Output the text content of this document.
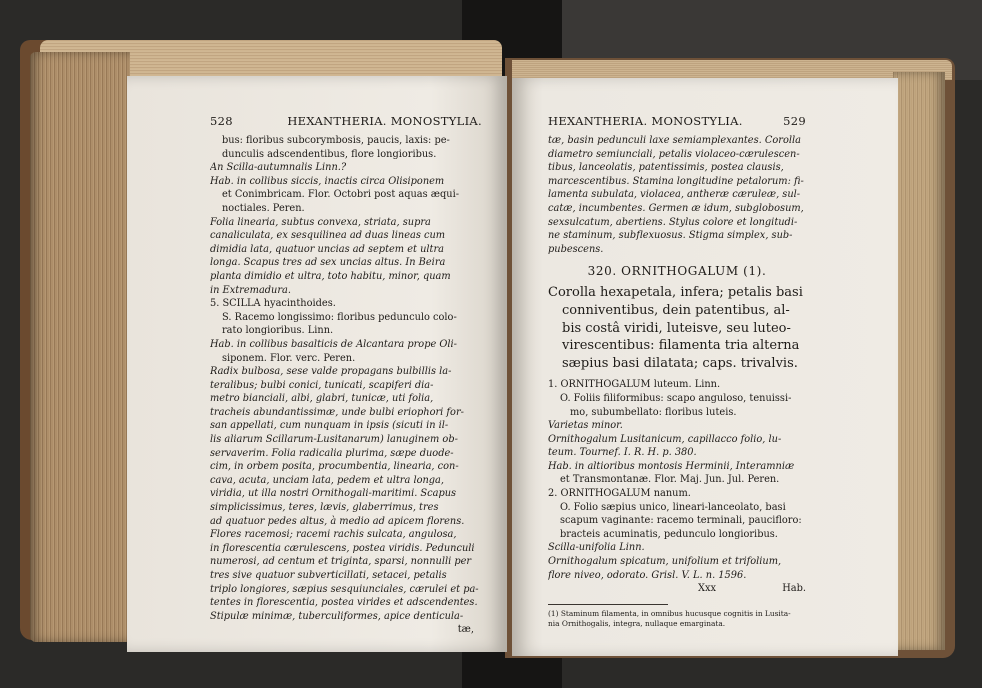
528	HEXANTHERIA. MONOSTYLIA.
bus: floribus subcorymbosis, paucis, laxis: pe-
dunculis adscendentibus, flore longioribus.
An Scilla-autumnalis Linn.?
Hab. in collibus siccis, inactis circa Olisiponem
et Conimbricam. Flor. Octobri post aquas æqui-
noctiales. Peren.
Folia linearia, subtus convexa, striata, supra
canaliculata, ex sesquilinea ad duas lineas cum
dimidia lata, quatuor uncias ad septem et ultra
longa. Scapus tres ad sex uncias altus. In Beira
planta dimidio et ultra, toto habitu, minor, quam
in Extremadura.
5. SCILLA hyacinthoides.
S. Racemo longissimo: floribus pedunculo colo-
rato longioribus. Linn.
Hab. in collibus basalticis de Alcantara prope Oli-
siponem. Flor. verc. Peren.
Radix bulbosa, sese valde propagans bulbillis la-
teralibus; bulbi conici, tunicati, scapiferi dia-
metro bianciali, albi, glabri, tunicæ, uti folia,
tracheis abundantissimæ, unde bulbi eriophori for-
san appellati, cum nunquam in ipsis (sicuti in il-
lis aliarum Scillarum-Lusitanarum) lanuginem ob-
servaverim. Folia radicalia plurima, sæpe duode-
cim, in orbem posita, procumbentia, linearia, con-
cava, acuta, unciam lata, pedem et ultra longa,
viridia, ut illa nostri Ornithogali-maritimi. Scapus
simplicissimus, teres, lævis, glaberrimus, tres
ad quatuor pedes altus, à medio ad apicem florens.
Flores racemosi; racemi rachis sulcata, angulosa,
in florescentia cærulescens, postea viridis. Pedunculi
numerosi, ad centum et triginta, sparsi, nonnulli per
tres sive quatuor subverticillati, setacei, petalis
triplo longiores, sæpius sesquiunciales, cærulei et pa-
tentes in florescentia, postea virides et adscendentes.
Stipulæ minimæ, tuberculiformes, apice denticula-
tæ,
HEXANTHERIA. MONOSTYLIA.	529
tæ, basin pedunculi laxe semiamplexantes. Corolla
diametro semiunciali, petalis violaceo-cærulescen-
tibus, lanceolatis, patentissimis, postea clausis,
marcescentibus. Stamina longitudine petalorum: fi-
lamenta subulata, violacea, antheræ cæruleæ, sul-
catæ, incumbentes. Germen æ idum, subglobosum,
sexsulcatum, abertiens. Stylus colore et longitudi-
ne staminum, subflexuosus. Stigma simplex, sub-
pubescens.
320. ORNITHOGALUM (1).
Corolla hexapetala, infera; petalis basi
conniventibus, dein patentibus, al-
bis costâ viridi, luteisve, seu luteo-
virescentibus: filamenta tria alterna
sæpius basi dilatata; caps. trivalvis.
1. ORNITHOGALUM luteum. Linn.
O. Foliis filiformibus: scapo anguloso, tenuissi-
mo, subumbellato: floribus luteis.
Varietas minor.
Ornithogalum Lusitanicum, capillacco folio, lu-
teum. Tournef. I. R. H. p. 380.
Hab. in altioribus montosis Herminii, Interamniæ
et Transmontanæ. Flor. Maj. Jun. Jul. Peren.
2. ORNITHOGALUM nanum.
O. Folio sæpius unico, lineari-lanceolato, basi
scapum vaginante: racemo terminali, paucifloro:
bracteis acuminatis, pedunculo longioribus.
Scilla-unifolia Linn.
Ornithogalum spicatum, unifolium et trifolium,
flore niveo, odorato. Grisl. V. L. n. 1596.
Xxx	Hab.
(1) Staminum filamenta, in omnibus hucusque cognitis in Lusita-
nia Ornithogalis, integra, nullaque emarginata.
